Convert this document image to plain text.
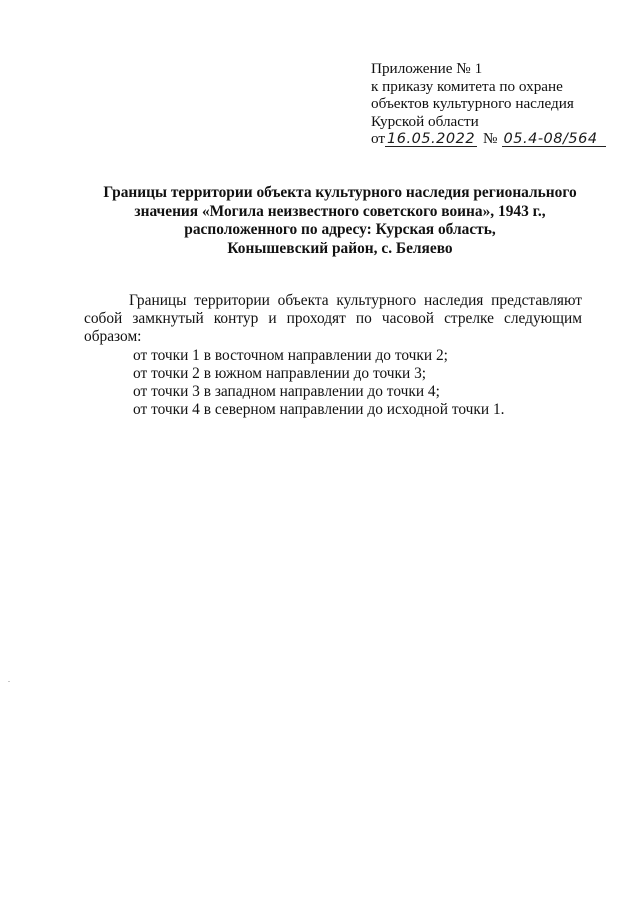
Приложение № 1
к приказу комитета по охране
объектов культурного наследия
Курской области
от 16.05.2022 № 05.4-08/564
Границы территории объекта культурного наследия регионального
значения «Могила неизвестного советского воина», 1943 г.,
расположенного по адресу: Курская область,
Конышевский район, с. Беляево

Границы территории объекта культурного наследия представляют собой замкнутый контур и проходят по часовой стрелке следующим образом:

от точки 1 в восточном направлении до точки 2;

от точки 2 в южном направлении до точки 3;

от точки 3 в западном направлении до точки 4;

от точки 4 в северном направлении до исходной точки 1.
